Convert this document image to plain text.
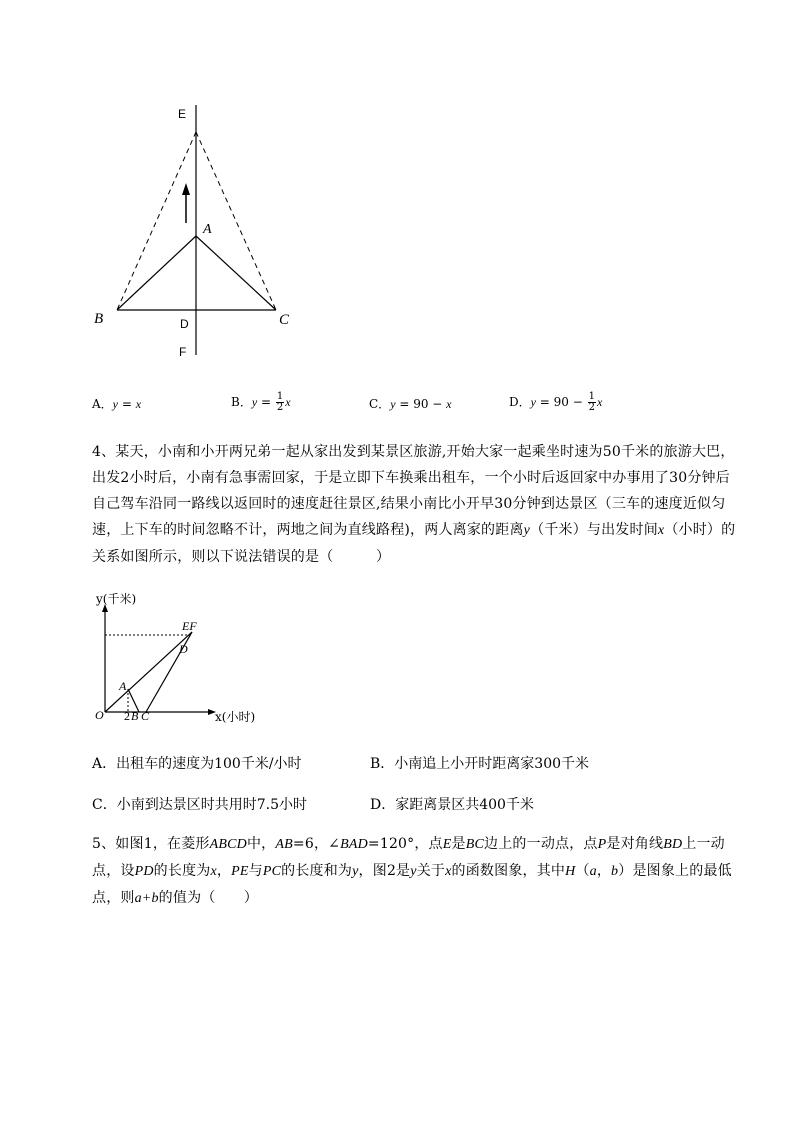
E
A
B	C
D
F
A．y = x	B．$y = \frac{1}{2}$ x	C．y = 90 − x	D．$y = 90 - \frac{1}{2}$ x

4、某天，小南和小开两兄弟一起从家出发到某景区旅游,开始大家一起乘坐时速为50千米的旅游大巴，出发2小时后，小南有急事需回家，于是立即下车换乘出租车，一个小时后返回家中办事用了30分钟后自己驾车沿同一路线以返回时的速度赶往景区,结果小南比小开早30分钟到达景区（三车的速度近似匀速，上下车的时间忽略不计，两地之间为直线路程)，两人离家的距离y（千米）与出发时间x（小时）的关系如图所示，则以下说法错误的是（　　　）

y(千米)
O 2 B C
A
D
EF
x(小时)
A．出租车的速度为100千米/小时	B．小南追上小开时距离家300千米
C．小南到达景区时共用时7.5小时	D．家距离景区共400千米

5、如图1，在菱形ABCD中，AB=6，∠BAD=120°，点E是BC边上的一动点，点P是对角线BD上一动点，设PD的长度为x，PE与PC的长度和为y，图2是y关于x的函数图象，其中H（a，b）是图象上的最低点，则a+b的值为（　　）
